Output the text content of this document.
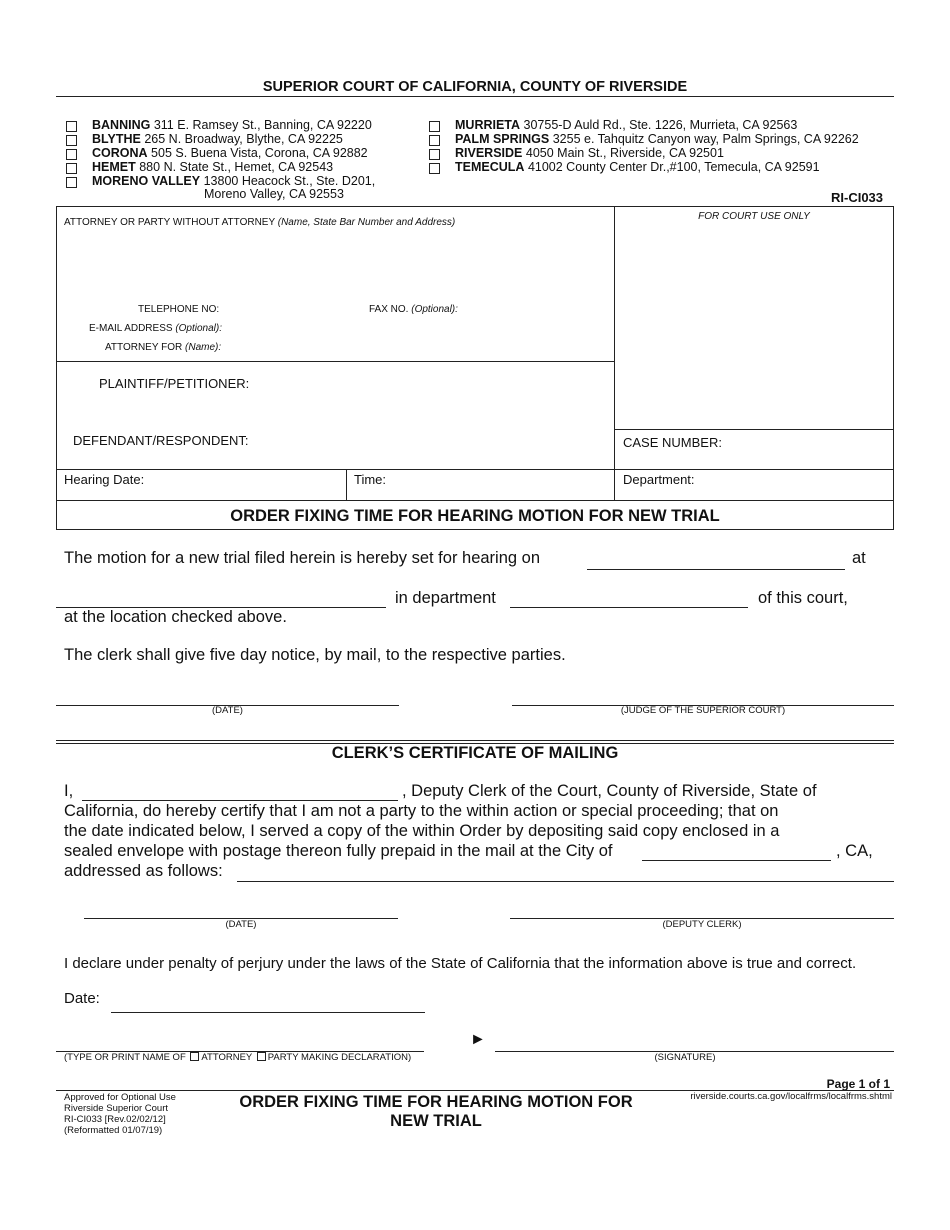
SUPERIOR COURT OF CALIFORNIA, COUNTY OF RIVERSIDE
BANNING 311 E. Ramsey St., Banning, CA 92220
BLYTHE 265 N. Broadway, Blythe, CA 92225
CORONA 505 S. Buena Vista, Corona, CA 92882
HEMET 880 N. State St., Hemet, CA 92543
MORENO VALLEY 13800 Heacock St., Ste. D201,
Moreno Valley, CA 92553
MURRIETA 30755-D Auld Rd., Ste. 1226, Murrieta, CA 92563
PALM SPRINGS 3255 e. Tahquitz Canyon way, Palm Springs, CA 92262
RIVERSIDE 4050 Main St., Riverside, CA 92501
TEMECULA 41002 County Center Dr.,#100, Temecula, CA 92591
RI-CI033
ATTORNEY OR PARTY WITHOUT ATTORNEY (Name, State Bar Number and Address)
FOR COURT USE ONLY
TELEPHONE NO:	FAX NO. (Optional):
E-MAIL ADDRESS (Optional):
ATTORNEY FOR (Name):
PLAINTIFF/PETITIONER:
DEFENDANT/RESPONDENT:	CASE NUMBER:
Hearing Date:	Time:	Department:
ORDER FIXING TIME FOR HEARING MOTION FOR NEW TRIAL
The motion for a new trial filed herein is hereby set for hearing on	at
in department	of this court,
at the location checked above.
The clerk shall give five day notice, by mail, to the respective parties.
(DATE)	(JUDGE OF THE SUPERIOR COURT)
CLERK’S CERTIFICATE OF MAILING
I,	, Deputy Clerk of the Court, County of Riverside, State of
California, do hereby certify that I am not a party to the within action or special proceeding; that on
the date indicated below, I served a copy of the within Order by depositing said copy enclosed in a
sealed envelope with postage thereon fully prepaid in the mail at the City of	, CA,
addressed as follows:
(DATE)	(DEPUTY CLERK)
I declare under penalty of perjury under the laws of the State of California that the information above is true and correct.
Date:
(TYPE OR PRINT NAME OF ATTORNEY PARTY MAKING DECLARATION)
►
(SIGNATURE)
Page 1 of 1
Approved for Optional Use
Riverside Superior Court
RI-CI033 [Rev.02/02/12]
(Reformatted 01/07/19)
ORDER FIXING TIME FOR HEARING MOTION FOR
NEW TRIAL
riverside.courts.ca.gov/localfrms/localfrms.shtml
